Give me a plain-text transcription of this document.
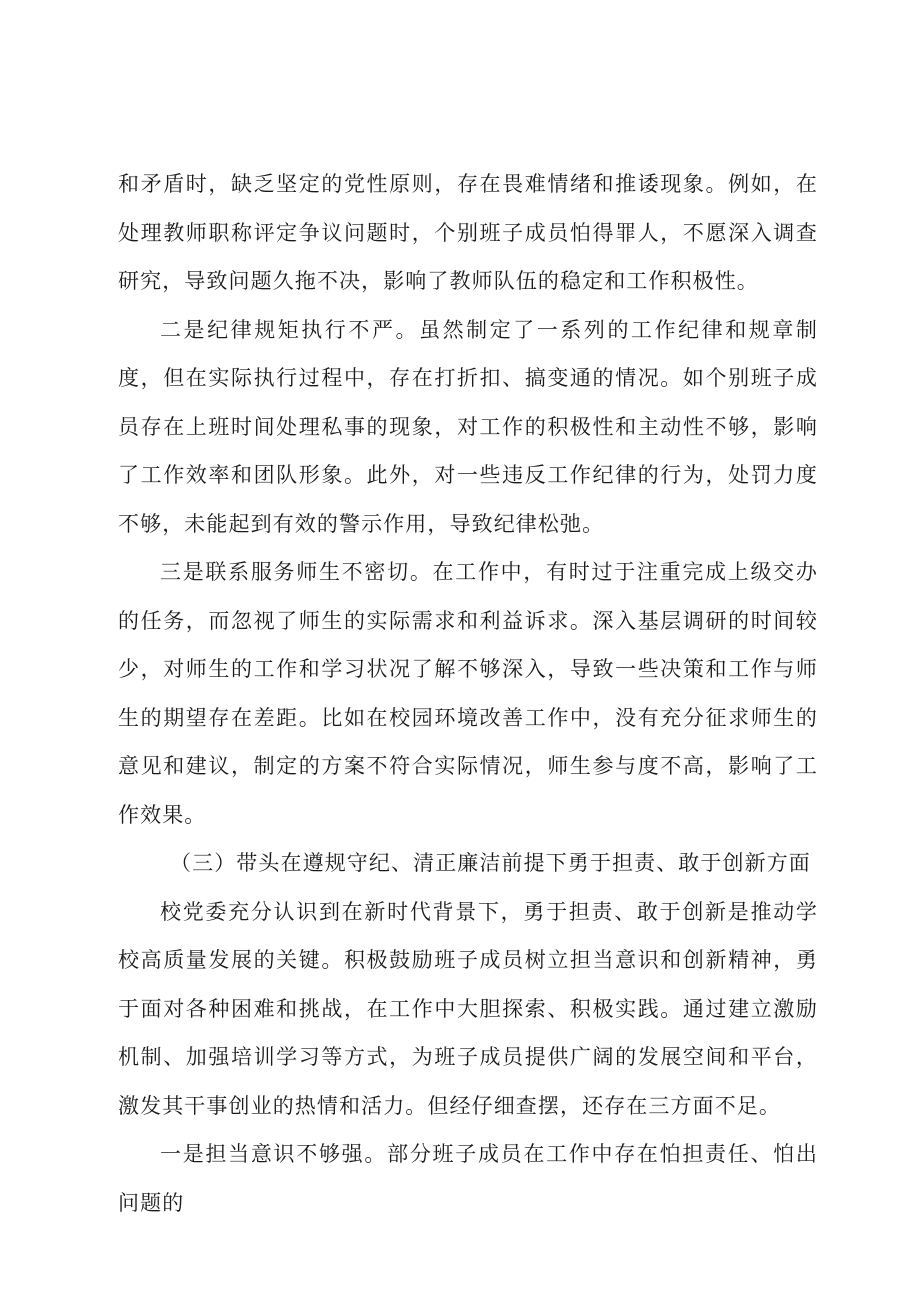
和矛盾时，缺乏坚定的党性原则，存在畏难情绪和推诿现象。例如，在处理教师职称评定争议问题时，个别班子成员怕得罪人，不愿深入调查研究，导致问题久拖不决，影响了教师队伍的稳定和工作积极性。

二是纪律规矩执行不严。虽然制定了一系列的工作纪律和规章制度，但在实际执行过程中，存在打折扣、搞变通的情况。如个别班子成员存在上班时间处理私事的现象，对工作的积极性和主动性不够，影响了工作效率和团队形象。此外，对一些违反工作纪律的行为，处罚力度不够，未能起到有效的警示作用，导致纪律松弛。

三是联系服务师生不密切。在工作中，有时过于注重完成上级交办的任务，而忽视了师生的实际需求和利益诉求。深入基层调研的时间较少，对师生的工作和学习状况了解不够深入，导致一些决策和工作与师生的期望存在差距。比如在校园环境改善工作中，没有充分征求师生的意见和建议，制定的方案不符合实际情况，师生参与度不高，影响了工作效果。

（三）带头在遵规守纪、清正廉洁前提下勇于担责、敢于创新方面

校党委充分认识到在新时代背景下，勇于担责、敢于创新是推动学校高质量发展的关键。积极鼓励班子成员树立担当意识和创新精神，勇于面对各种困难和挑战，在工作中大胆探索、积极实践。通过建立激励机制、加强培训学习等方式，为班子成员提供广阔的发展空间和平台，激发其干事创业的热情和活力。但经仔细查摆，还存在三方面不足。

一是担当意识不够强。部分班子成员在工作中存在怕担责任、怕出问题的
